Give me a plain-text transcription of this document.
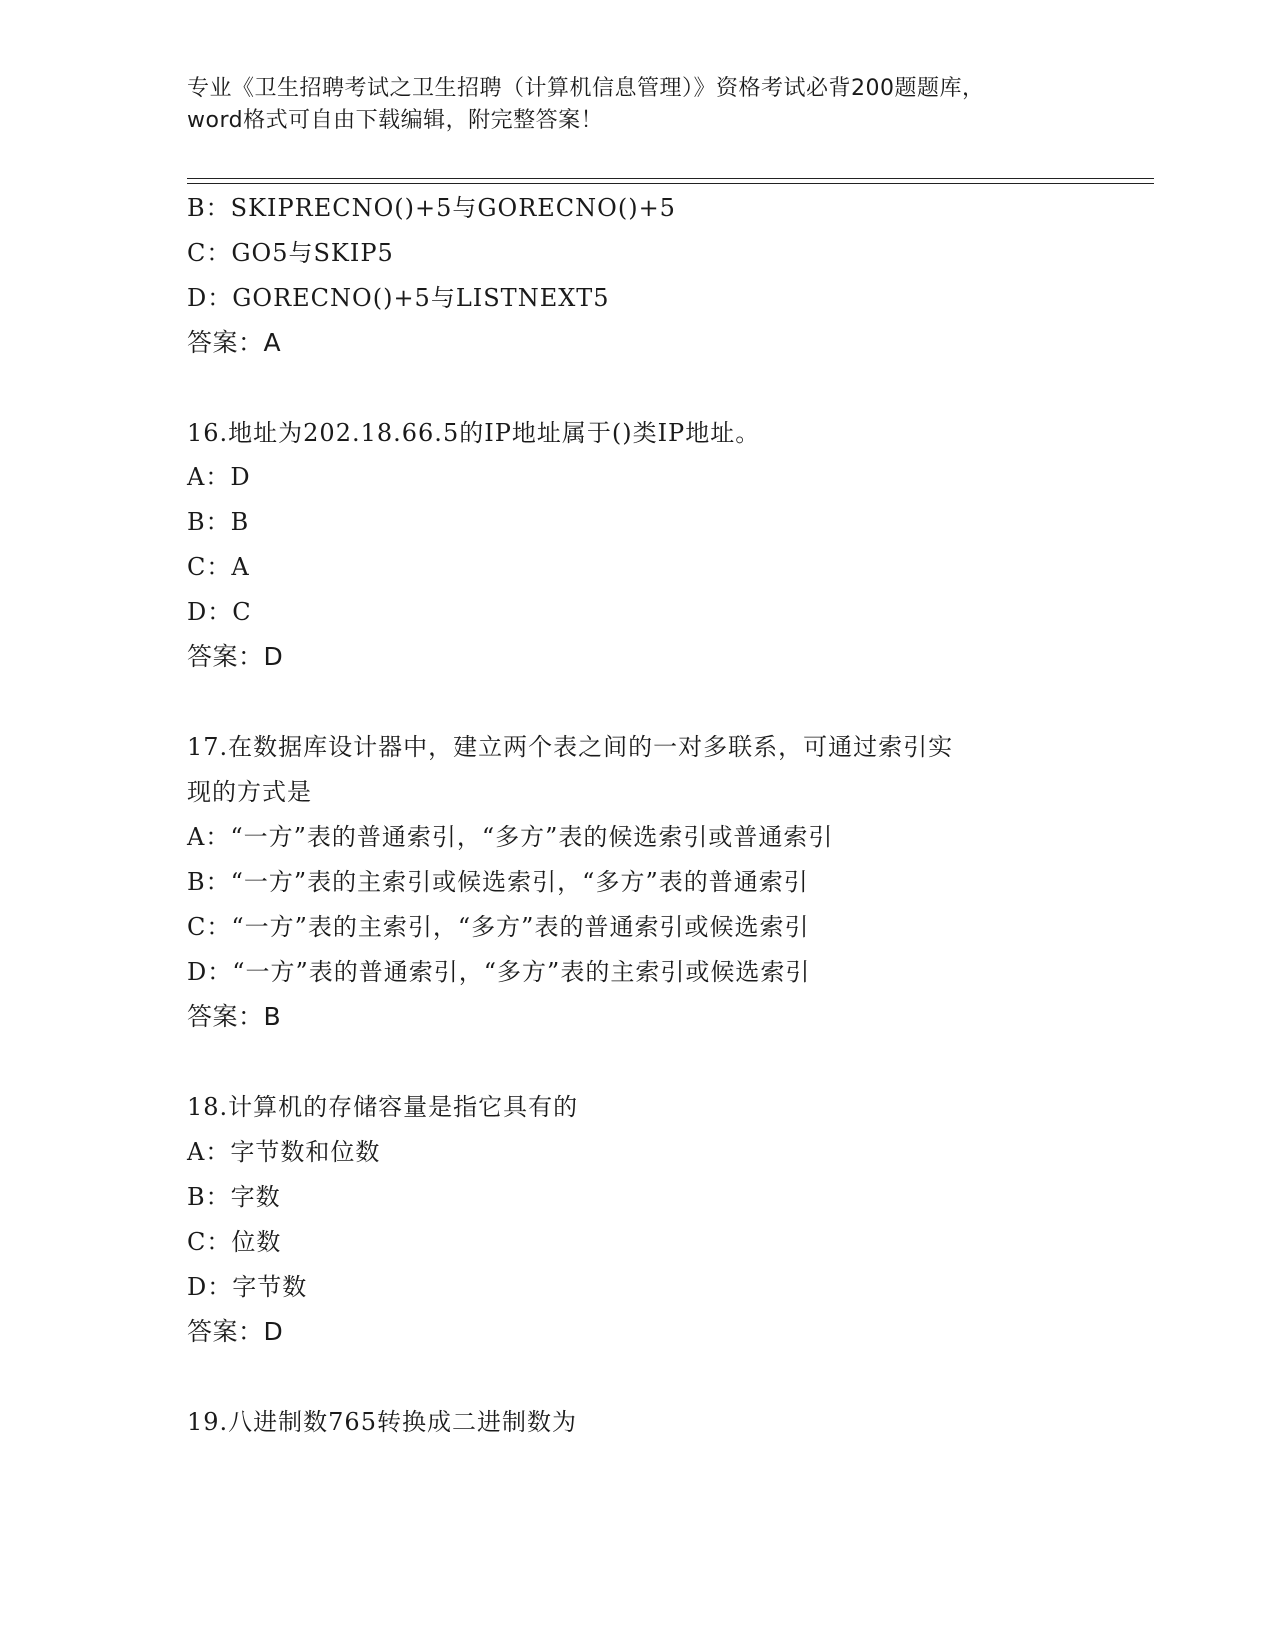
专业《卫生招聘考试之卫生招聘（计算机信息管理）》资格考试必背200题题库，
word格式可自由下载编辑，附完整答案！
B：SKIPRECNO()+5与GORECNO()+5
C：GO5与SKIP5
D：GORECNO()+5与LISTNEXT5
答案：A
16.地址为202.18.66.5的IP地址属于()类IP地址。
A：D
B：B
C：A
D：C
答案：D
17.在数据库设计器中，建立两个表之间的一对多联系，可通过索引实
现的方式是
A：“一方”表的普通索引，“多方”表的候选索引或普通索引
B：“一方”表的主索引或候选索引，“多方”表的普通索引
C：“一方”表的主索引，“多方”表的普通索引或候选索引
D：“一方”表的普通索引，“多方”表的主索引或候选索引
答案：B
18.计算机的存储容量是指它具有的
A：字节数和位数
B：字数
C：位数
D：字节数
答案：D
19.八进制数765转换成二进制数为
